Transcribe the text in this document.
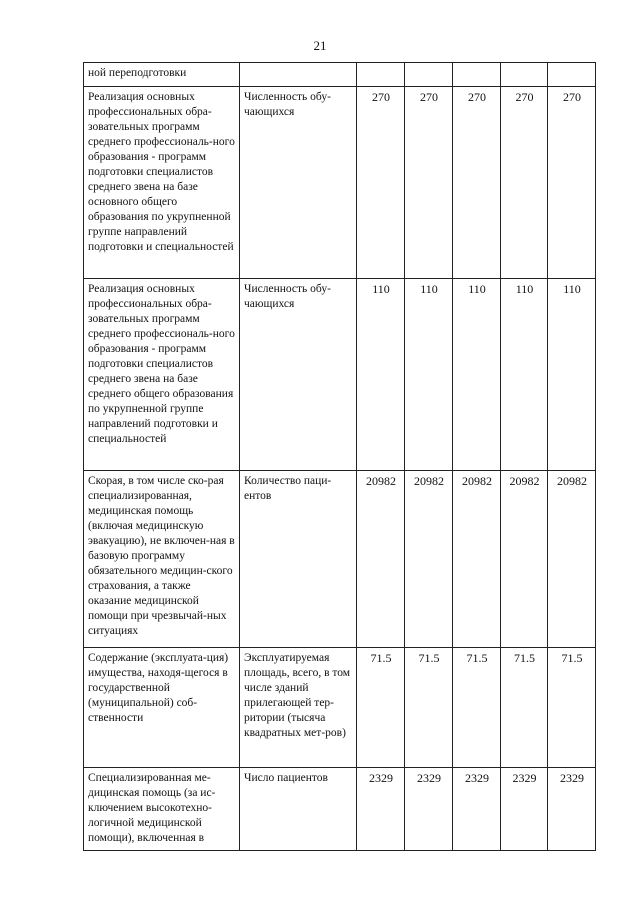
21
ной переподготовки						
Реализация основных профессиональных обра-зовательных программ среднего профессиональ-ного образования - программ подготовки специалистов среднего звена на базе основного общего образования по укрупненной группе направлений подготовки и специальностей	Численность обу-чающихся	270	270	270	270	270
Реализация основных профессиональных обра-зовательных программ среднего профессиональ-ного образования - программ подготовки специалистов среднего звена на базе среднего общего образования по укрупненной группе направлений подготовки и специальностей	Численность обу-чающихся	110	110	110	110	110
Скорая, в том числе ско-рая специализированная, медицинская помощь (включая медицинскую эвакуацию), не включен-ная в базовую программу обязательного медицин-ского страхования, а также оказание медицинской помощи при чрезвычай-ных ситуациях	Количество паци-ентов	20982	20982	20982	20982	20982
Содержание (эксплуата-ция) имущества, находя-щегося в государственной (муниципальной) соб-ственности	Эксплуатируемая площадь, всего, в том числе зданий прилегающей тер-ритории (тысяча квадратных мет-ров)	71.5	71.5	71.5	71.5	71.5
Специализированная ме-дицинская помощь (за ис-ключением высокотехно-логичной медицинской помощи), включенная в	Число пациентов	2329	2329	2329	2329	2329
